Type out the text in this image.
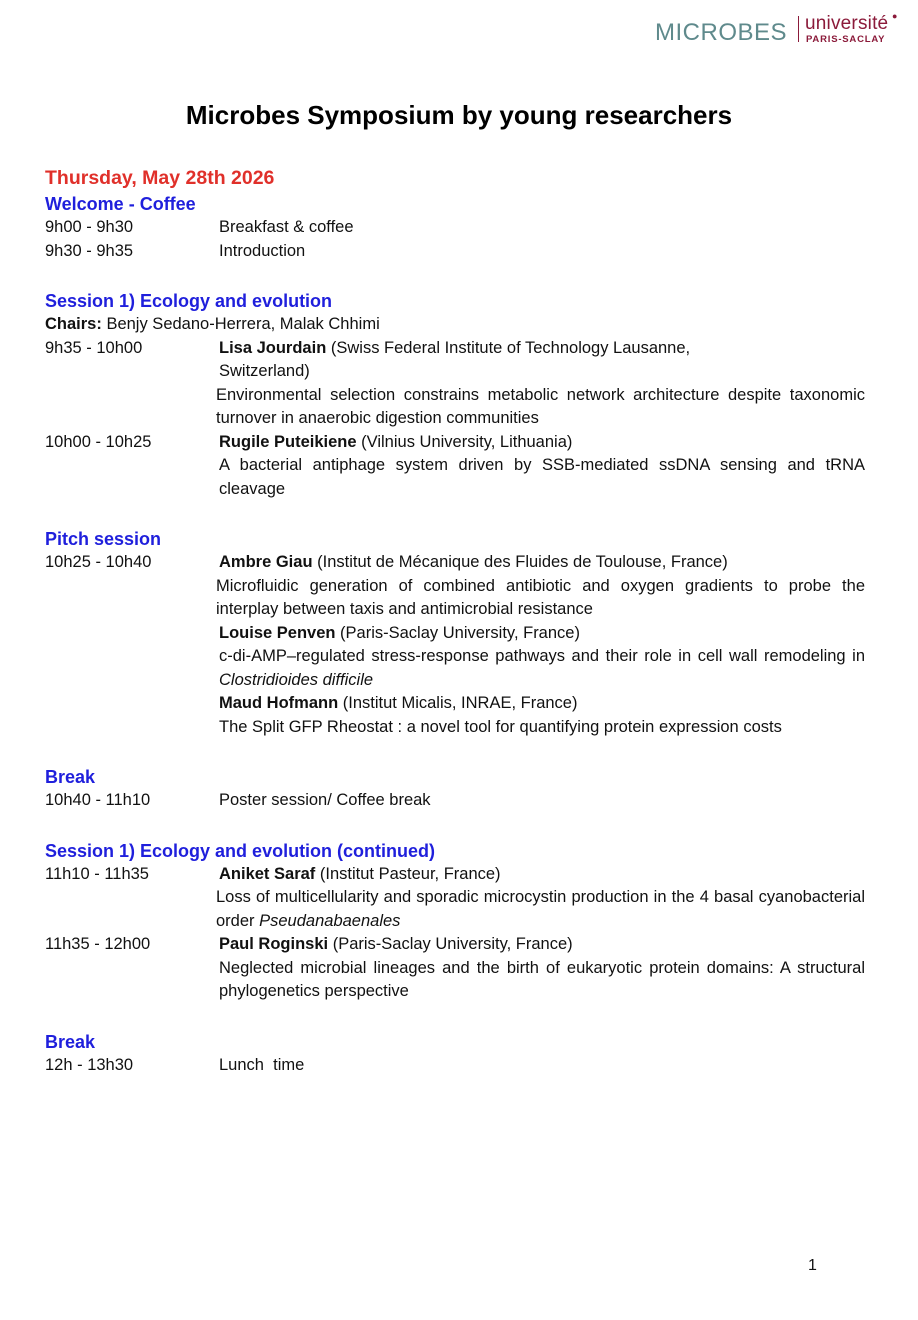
MICROBES université ●
PARIS-SACLAY
Microbes Symposium by young researchers
Thursday, May 28th 2026
Welcome - Coffee
9h00 - 9h30	Breakfast & coffee
9h30 - 9h35	Introduction
Session 1) Ecology and evolution
Chairs: Benjy Sedano-Herrera, Malak Chhimi
9h35 - 10h00	Lisa Jourdain (Swiss Federal Institute of Technology Lausanne,
Switzerland)
Environmental selection constrains metabolic network architecture despite taxonomic turnover in anaerobic digestion communities
10h00 - 10h25	Rugile Puteikiene (Vilnius University, Lithuania)
A bacterial antiphage system driven by SSB-mediated ssDNA sensing and tRNA cleavage
Pitch session
10h25 - 10h40	Ambre Giau (Institut de Mécanique des Fluides de Toulouse, France)
Microfluidic generation of combined antibiotic and oxygen gradients to probe the interplay between taxis and antimicrobial resistance
Louise Penven (Paris-Saclay University, France)
c-di-AMP–regulated stress-response pathways and their role in cell wall remodeling in Clostridioides difficile
Maud Hofmann (Institut Micalis, INRAE, France)
The Split GFP Rheostat : a novel tool for quantifying protein expression costs
Break
10h40 - 11h10	Poster session/ Coffee break
Session 1) Ecology and evolution (continued)
11h10 - 11h35	Aniket Saraf (Institut Pasteur, France)
Loss of multicellularity and sporadic microcystin production in the 4 basal cyanobacterial order Pseudanabaenales
11h35 - 12h00	Paul Roginski (Paris-Saclay University, France)
Neglected microbial lineages and the birth of eukaryotic protein domains: A structural phylogenetics perspective
Break
12h - 13h30	Lunch  time
1
